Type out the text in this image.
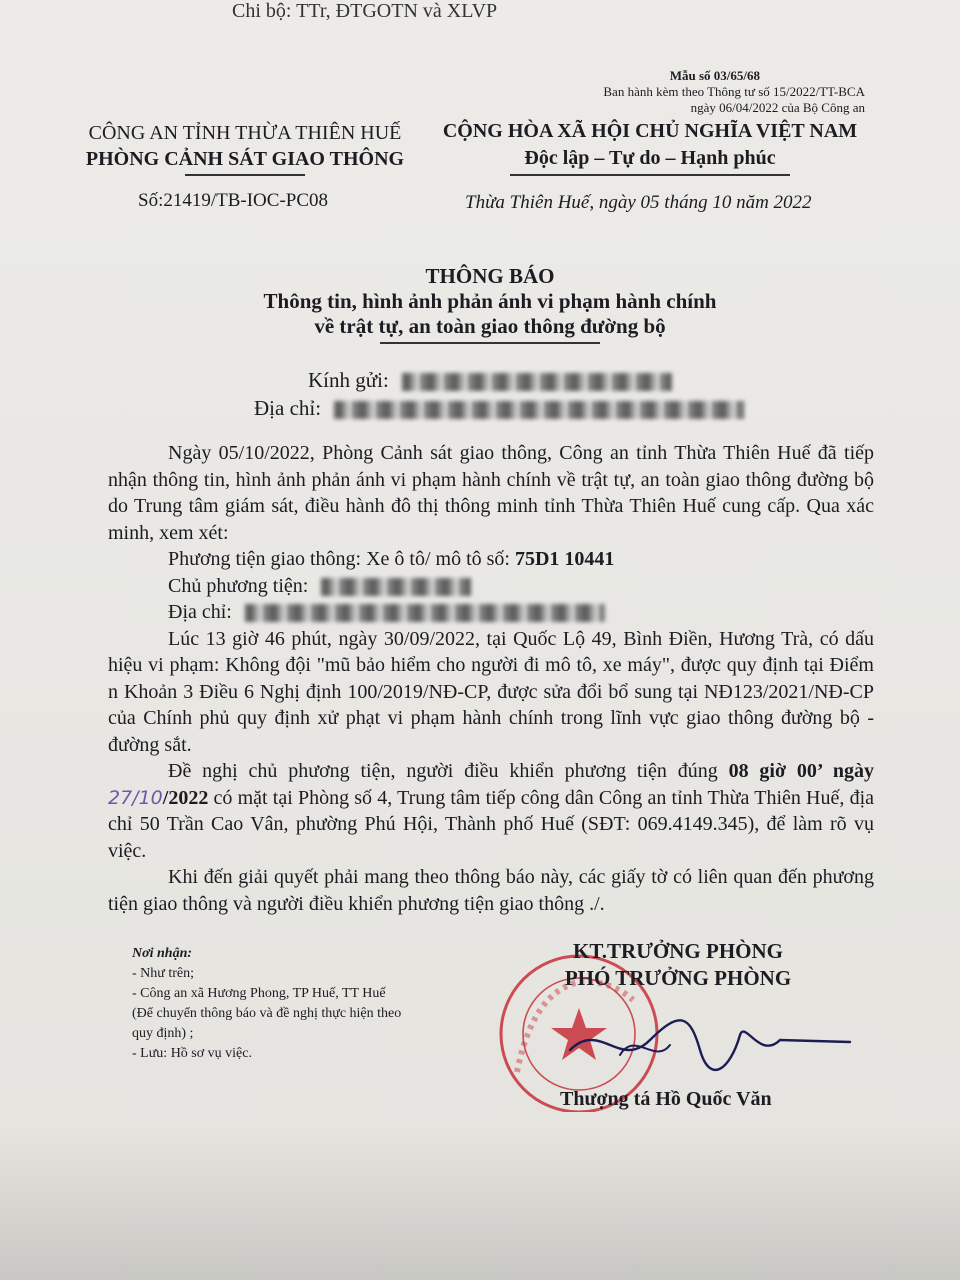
Chi bộ: TTr, ĐTGOTN và XLVP
Mẫu số 03/65/68
Ban hành kèm theo Thông tư số 15/2022/TT-BCA
ngày 06/04/2022 của Bộ Công an
CÔNG AN TỈNH THỪA THIÊN HUẾ
PHÒNG CẢNH SÁT GIAO THÔNG
CỘNG HÒA XÃ HỘI CHỦ NGHĨA VIỆT NAM
Độc lập – Tự do – Hạnh phúc
Số:21419/TB-IOC-PC08	Thừa Thiên Huế, ngày 05 tháng 10 năm 2022
THÔNG BÁO
Thông tin, hình ảnh phản ánh vi phạm hành chính
về trật tự, an toàn giao thông đường bộ
Kính gửi:
Địa chỉ:

Ngày 05/10/2022, Phòng Cảnh sát giao thông, Công an tỉnh Thừa Thiên Huế đã tiếp nhận thông tin, hình ảnh phản ánh vi phạm hành chính về trật tự, an toàn giao thông đường bộ do Trung tâm giám sát, điều hành đô thị thông minh tỉnh Thừa Thiên Huế cung cấp. Qua xác minh, xem xét:

Phương tiện giao thông: Xe ô tô/ mô tô số: 75D1 10441

Chủ phương tiện:

Địa chỉ:

Lúc 13 giờ 46 phút, ngày 30/09/2022, tại Quốc Lộ 49, Bình Điền, Hương Trà, có dấu hiệu vi phạm: Không đội "mũ bảo hiểm cho người đi mô tô, xe máy", được quy định tại Điểm n Khoản 3 Điều 6 Nghị định 100/2019/NĐ-CP, được sửa đổi bổ sung tại NĐ123/2021/NĐ-CP của Chính phủ quy định xử phạt vi phạm hành chính trong lĩnh vực giao thông đường bộ - đường sắt.

Đề nghị chủ phương tiện, người điều khiển phương tiện đúng 08 giờ 00’ ngày 27/10/2022 có mặt tại Phòng số 4, Trung tâm tiếp công dân Công an tỉnh Thừa Thiên Huế, địa chỉ 50 Trần Cao Vân, phường Phú Hội, Thành phố Huế (SĐT: 069.4149.345), để làm rõ vụ việc.

Khi đến giải quyết phải mang theo thông báo này, các giấy tờ có liên quan đến phương tiện giao thông và người điều khiển phương tiện giao thông ./.

Nơi nhận:
- Như trên;
- Công an xã Hương Phong, TP Huế, TT Huế
(Để chuyển thông báo và đề nghị thực hiện theo
quy định) ;
- Lưu: Hồ sơ vụ việc.
KT.TRƯỞNG PHÒNG
PHÓ TRƯỞNG PHÒNG
Thượng tá Hồ Quốc Văn
